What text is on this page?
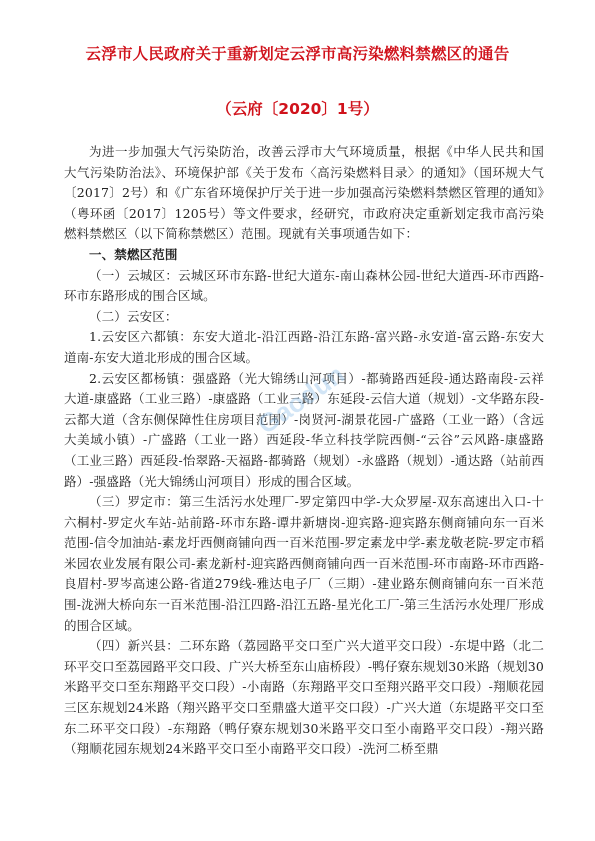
云浮市人民政府关于重新划定云浮市高污染燃料禁燃区的通告
（云府〔2020〕1号）

为进一步加强大气污染防治，改善云浮市大气环境质量，根据《中华人民共和国大气污染防治法》、环境保护部《关于发布〈高污染燃料目录〉的通知》（国环规大气〔2017〕2号）和《广东省环境保护厅关于进一步加强高污染燃料禁燃区管理的通知》（粤环函〔2017〕1205号）等文件要求，经研究，市政府决定重新划定我市高污染燃料禁燃区（以下简称禁燃区）范围。现就有关事项通告如下：

一、禁燃区范围

（一）云城区：云城区环市东路-世纪大道东-南山森林公园-世纪大道西-环市西路-环市东路形成的围合区域。

（二）云安区：

1.云安区六都镇：东安大道北-沿江西路-沿江东路-富兴路-永安道-富云路-东安大道南-东安大道北形成的围合区域。

2.云安区都杨镇：强盛路（光大锦绣山河项目）-都骑路西延段-通达路南段-云祥大道-康盛路（工业三路）-康盛路（工业三路）东延段-云信大道（规划）-文华路东段-云都大道（含东侧保障性住房项目范围）-岗贤河-湖景花园-广盛路（工业一路）（含远大美域小镇）-广盛路（工业一路）西延段-华立科技学院西侧-“云谷”云风路-康盛路（工业三路）西延段-怡翠路-天福路-都骑路（规划）-永盛路（规划）-通达路（站前西路）-强盛路（光大锦绣山河项目）形成的围合区域。

（三）罗定市：第三生活污水处理厂-罗定第四中学-大众罗屋-双东高速出入口-十六桐村-罗定火车站-站前路-环市东路-谭井新塘岗-迎宾路-迎宾路东侧商铺向东一百米范围-信令加油站-素龙圩西侧商铺向西一百米范围-罗定素龙中学-素龙敬老院-罗定市稻米园农业发展有限公司-素龙新村-迎宾路西侧商铺向西一百米范围-环市南路-环市西路-良眉村-罗岑高速公路-省道279线-雅达电子厂（三期）-建业路东侧商铺向东一百米范围-泷洲大桥向东一百米范围-沿江四路-沿江五路-星光化工厂-第三生活污水处理厂形成的围合区域。

（四）新兴县：二环东路（荔园路平交口至广兴大道平交口段）-东堤中路（北二环平交口至荔园路平交口段、广兴大桥至东山庙桥段）-鸭仔寮东规划30米路（规划30米路平交口至东翔路平交口段）-小南路（东翔路平交口至翔兴路平交口段）-翔顺花园三区东规划24米路（翔兴路平交口至鼎盛大道平交口段）-广兴大道（东堤路平交口至东二环平交口段）-东翔路（鸭仔寮东规划30米路平交口至小南路平交口段）-翔兴路（翔顺花园东规划24米路平交口至小南路平交口段）-洗河二桥至鼎

Gaodun
